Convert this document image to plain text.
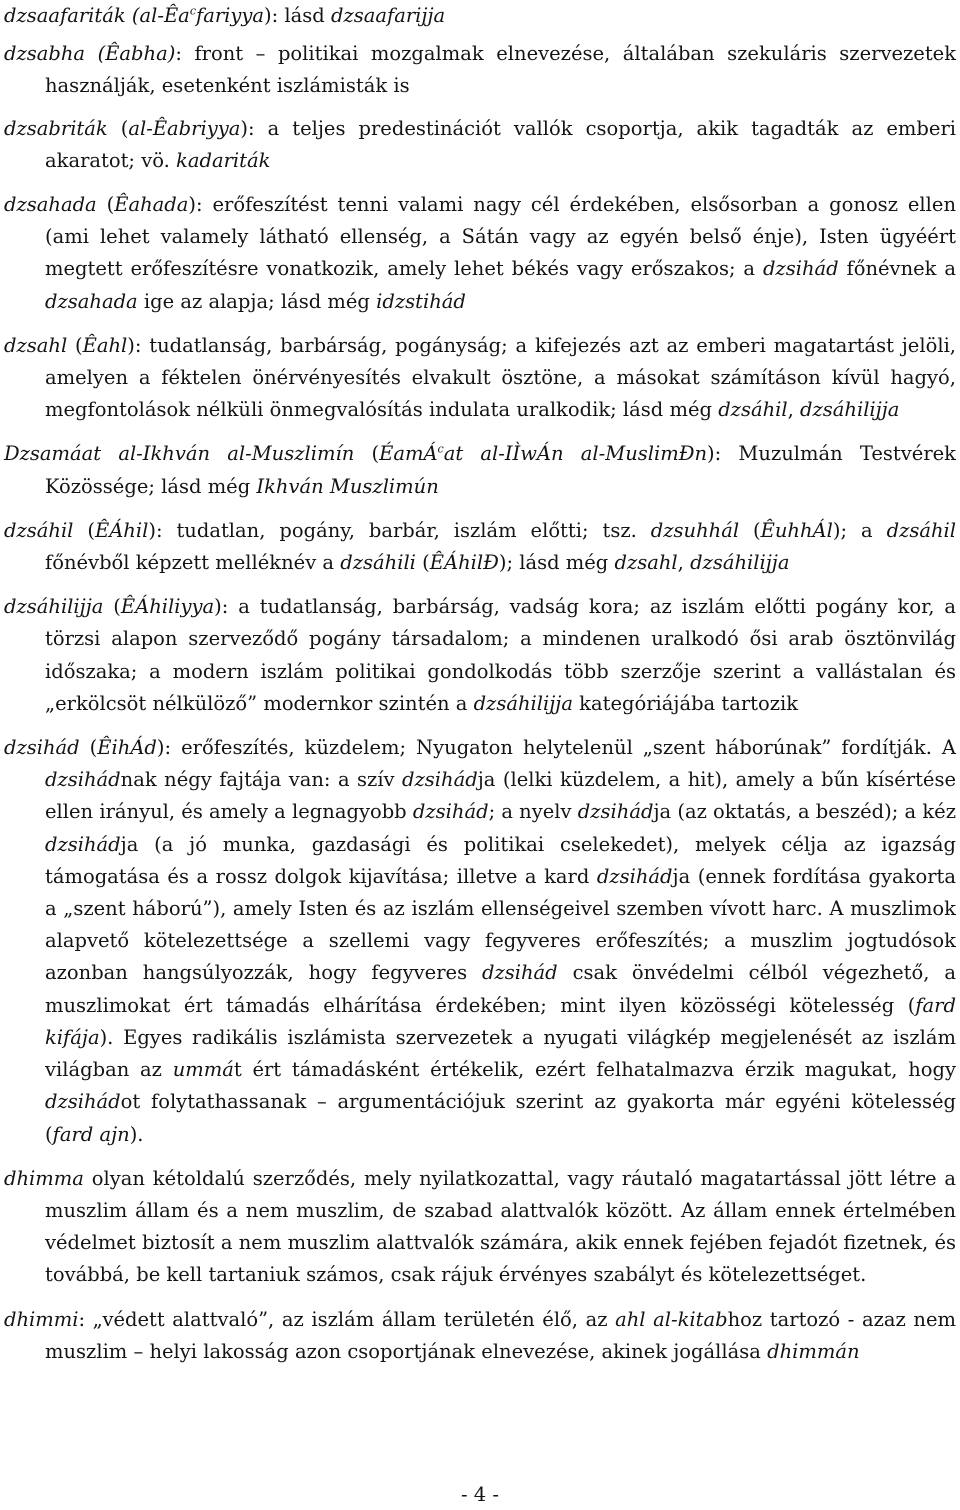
dzsaafariták $(al-Êa^cfariyya)$: lásd dzsaafarijja

dzsabha (Êabha): front – politikai mozgalmak elnevezése, általában szekuláris szervezetek használják, esetenként iszlámisták is

dzsabriták (al-Êabriyya): a teljes predestinációt vallók csoportja, akik tagadták az emberi akaratot; vö. kadariták

dzsahada (Êahada): erőfeszítést tenni valami nagy cél érdekében, elsősorban a gonosz ellen (ami lehet valamely látható ellenség, a Sátán vagy az egyén belső énje), Isten ügyéért megtett erőfeszítésre vonatkozik, amely lehet békés vagy erőszakos; a dzsihád főnévnek a dzsahada ige az alapja; lásd még idzstihád

dzsahl (Êahl): tudatlanság, barbárság, pogányság; a kifejezés azt az emberi magatartást jelöli, amelyen a féktelen önérvényesítés elvakult ösztöne, a másokat számításon kívül hagyó, megfontolások nélküli önmegvalósítás indulata uralkodik; lásd még dzsáhil, dzsáhilijja

Dzsamáat al-Ikhván al-Muszlimín (ÉamÁ$^c$at al-IÌwÁn al-MuslimÐn): Muzulmán Testvérek Közössége; lásd még Ikhván Muszlimún

dzsáhil (ÊÁhil): tudatlan, pogány, barbár, iszlám előtti; tsz. dzsuhhál (ÊuhhÁl); a dzsáhil főnévből képzett melléknév a dzsáhili (ÊÁhilÐ); lásd még dzsahl, dzsáhilijja

dzsáhilijja (ÊÁhiliyya): a tudatlanság, barbárság, vadság kora; az iszlám előtti pogány kor, a törzsi alapon szerveződő pogány társadalom; a mindenen uralkodó ősi arab ösztönvilág időszaka; a modern iszlám politikai gondolkodás több szerzője szerint a vallástalan és „erkölcsöt nélkülöző” modernkor szintén a dzsáhilijja kategóriájába tartozik

dzsihád (ÊihÁd): erőfeszítés, küzdelem; Nyugaton helytelenül „szent háborúnak” fordítják. A dzsihádnak négy fajtája van: a szív dzsihádja (lelki küzdelem, a hit), amely a bűn kísértése ellen irányul, és amely a legnagyobb dzsihád; a nyelv dzsihádja (az oktatás, a beszéd); a kéz dzsihádja (a jó munka, gazdasági és politikai cselekedet), melyek célja az igazság támogatása és a rossz dolgok kijavítása; illetve a kard dzsihádja (ennek fordítása gyakorta a „szent háború”), amely Isten és az iszlám ellenségeivel szemben vívott harc. A muszlimok alapvető kötelezettsége a szellemi vagy fegyveres erőfeszítés; a muszlim jogtudósok azonban hangsúlyozzák, hogy fegyveres dzsihád csak önvédelmi célból végezhető, a muszlimokat ért támadás elhárítása érdekében; mint ilyen közösségi kötelesség (fard kifája). Egyes radikális iszlámista szervezetek a nyugati világkép megjelenését az iszlám világban az ummát ért támadásként értékelik, ezért felhatalmazva érzik magukat, hogy dzsihádot folytathassanak – argumentációjuk szerint az gyakorta már egyéni kötelesség (fard ajn).

dhimma olyan kétoldalú szerződés, mely nyilatkozattal, vagy ráutaló magatartással jött létre a muszlim állam és a nem muszlim, de szabad alattvalók között. Az állam ennek értelmében védelmet biztosít a nem muszlim alattvalók számára, akik ennek fejében fejadót fizetnek, és továbbá, be kell tartaniuk számos, csak rájuk érvényes szabályt és kötelezettséget.

dhimmi: „védett alattvaló”, az iszlám állam területén élő, az ahl al-kitabhoz tartozó - azaz nem muszlim – helyi lakosság azon csoportjának elnevezése, akinek jogállása dhimmán

- 4 -
